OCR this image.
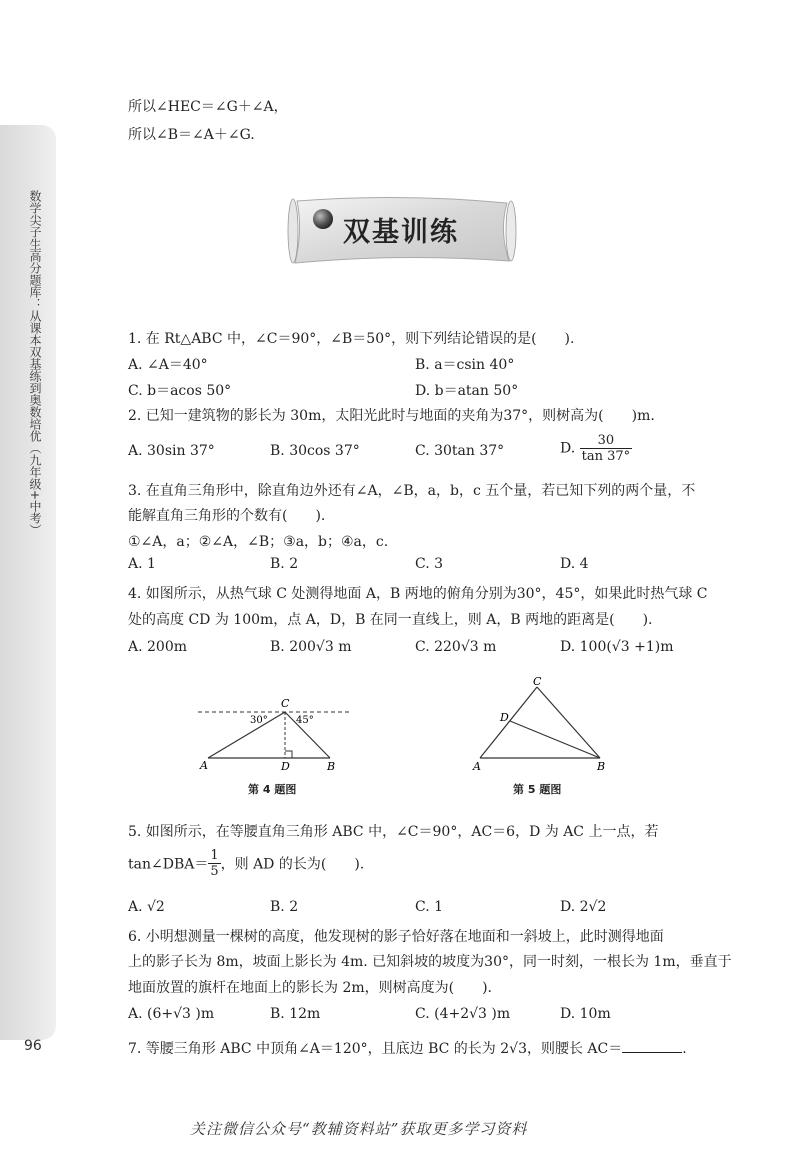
数学尖子生高分题库：从课本双基练到奥数培优（九年级+中考）
96
所以∠HEC＝∠G＋∠A，
所以∠B＝∠A＋∠G.
双基训练
1. 在 Rt△ABC 中，∠C＝90°，∠B＝50°，则下列结论错误的是(　　).
A. ∠A＝40°	B. a＝csin 40°
C. b＝acos 50°	D. b＝atan 50°
2. 已知一建筑物的影长为 30m，太阳光此时与地面的夹角为37°，则树高为(　　)m.
A. 30sin 37°	B. 30cos 37°	C. 30tan 37°	D. $\frac{30}{\tan 37^\circ}$
3. 在直角三角形中，除直角边外还有∠A，∠B，a，b，c 五个量，若已知下列的两个量，不
能解直角三角形的个数有(　　).
①∠A，a；②∠A，∠B；③a，b；④a，c.
A. 1	B. 2	C. 3	D. 4
4. 如图所示，从热气球 C 处测得地面 A，B 两地的俯角分别为30°，45°，如果此时热气球 C
处的高度 CD 为 100m，点 A，D，B 在同一直线上，则 A，B 两地的距离是(　　).
A. 200m	B. 200√3 m	C. 220√3 m	D. 100(√3 +1)m
C
A	D	B
30°	45°
第 4 题图
C
D
A	B
第 5 题图
5. 如图所示，在等腰直角三角形 ABC 中，∠C＝90°，AC＝6，D 为 AC 上一点，若
tan∠DBA＝ $\frac{1}{5}$ ，则 AD 的长为(　　).
A. √2	B. 2	C. 1	D. 2√2
6. 小明想测量一棵树的高度，他发现树的影子恰好落在地面和一斜坡上，此时测得地面
上的影子长为 8m，坡面上影长为 4m. 已知斜坡的坡度为30°，同一时刻，一根长为 1m，垂直于
地面放置的旗杆在地面上的影长为 2m，则树高度为(　　).
A. (6+√3 )m	B. 12m	C. (4+2√3 )m	D. 10m
7. 等腰三角形 ABC 中顶角∠A＝120°，且底边 BC 的长为 2√3，则腰长 AC＝	.
关注微信公众号“教辅资料站”获取更多学习资料
